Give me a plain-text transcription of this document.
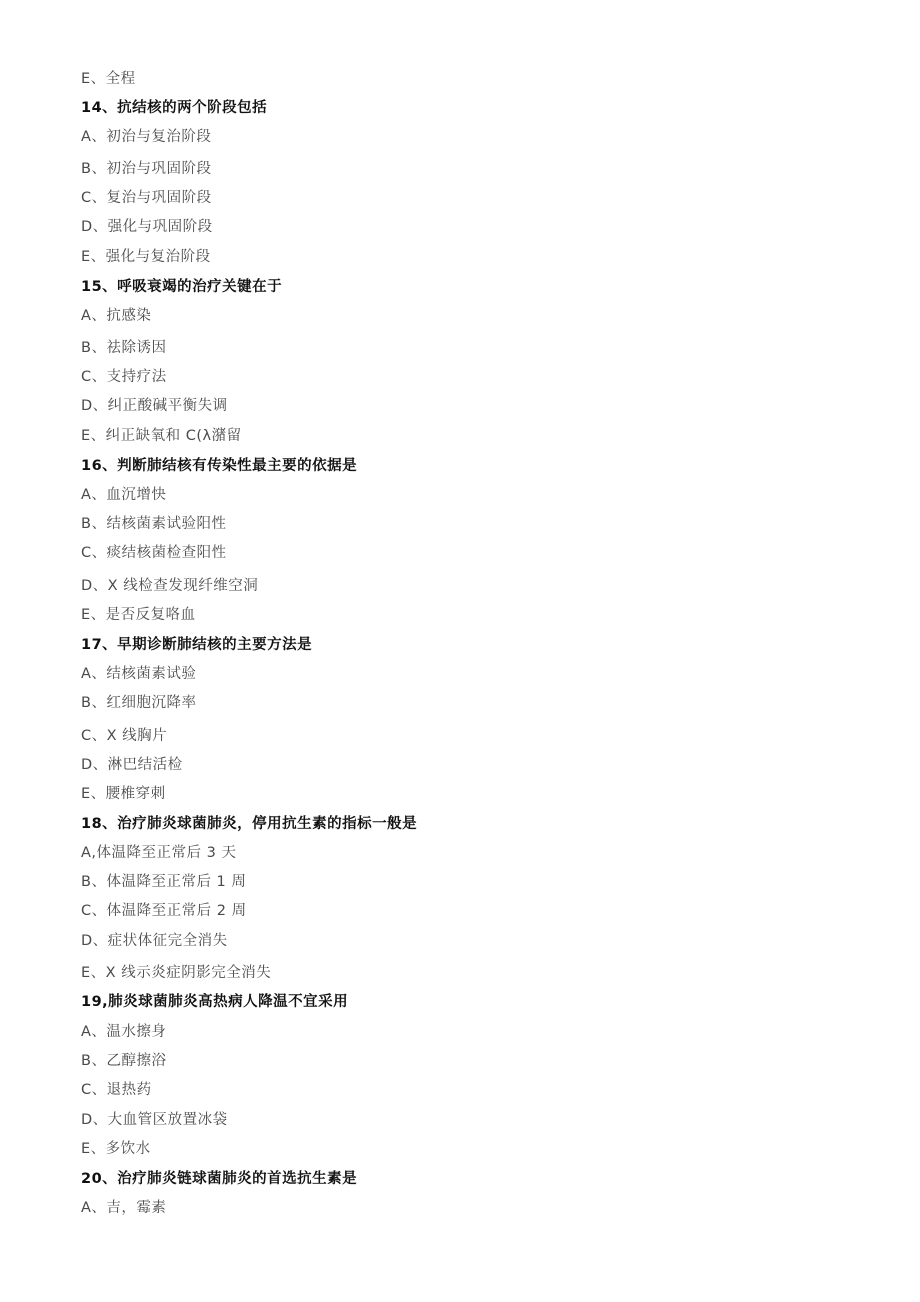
E、全程
14、抗结核的两个阶段包括
A、初治与复治阶段
B、初治与巩固阶段
C、复治与巩固阶段
D、强化与巩固阶段
E、强化与复治阶段
15、呼吸衰竭的治疗关键在于
A、抗感染
B、祛除诱因
C、支持疗法
D、纠正酸碱平衡失调
E、纠正缺氧和 C(λ潴留
16、判断肺结核有传染性最主要的依据是
A、血沉增快
B、结核菌素试验阳性
C、痰结核菌检查阳性
D、X 线检查发现纤维空洞
E、是否反复咯血
17、早期诊断肺结核的主要方法是
A、结核菌素试验
B、红细胞沉降率
C、X 线胸片
D、淋巴结活检
E、腰椎穿刺
18、治疗肺炎球菌肺炎，停用抗生素的指标一般是
A,体温降至正常后 3 天
B、体温降至正常后 1 周
C、体温降至正常后 2 周
D、症状体征完全消失
E、X 线示炎症阴影完全消失
19,肺炎球菌肺炎高热病人降温不宜采用
A、温水擦身
B、乙醇擦浴
C、退热药
D、大血管区放置冰袋
E、多饮水
20、治疗肺炎链球菌肺炎的首选抗生素是
A、吉，霉素
